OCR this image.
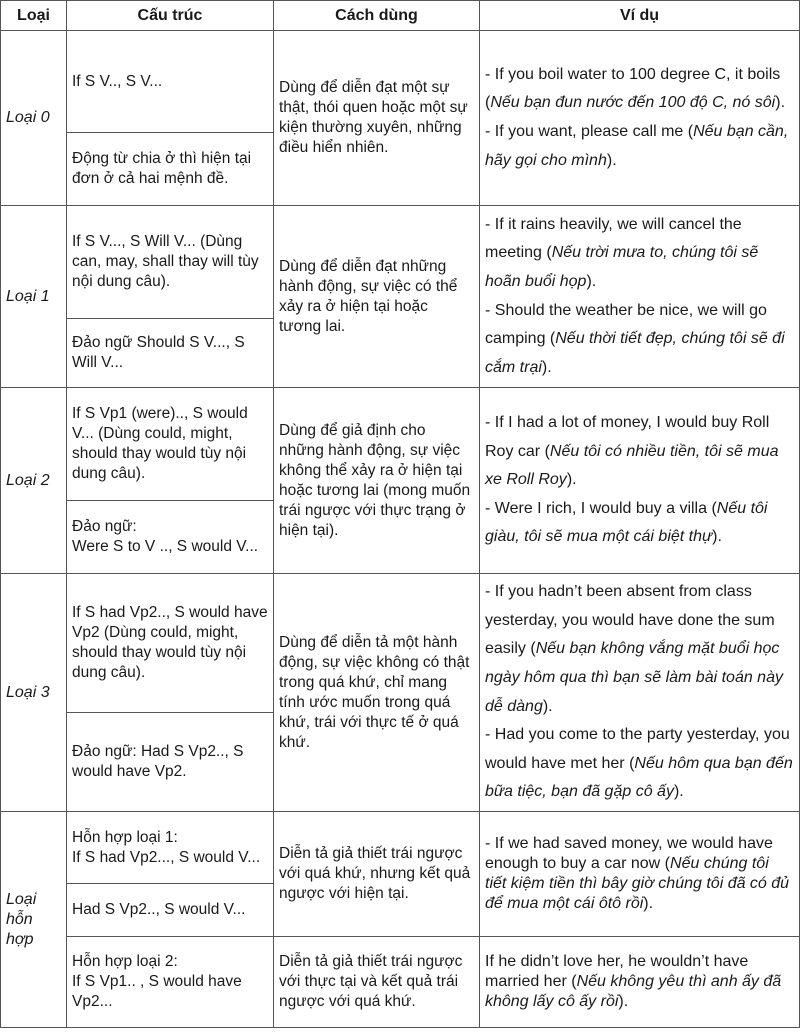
Loại	Cấu trúc	Cách dùng	Ví dụ
Loại 0	If S V.., S V...	Dùng để diễn đạt một sự thật, thói quen hoặc một sự kiện thường xuyên, những điều hiển nhiên.	- If you boil water to 100 degree C, it boils (Nếu bạn đun nước đến 100 độ C, nó sôi).

- If you want, please call me (Nếu bạn cần, hãy gọi cho mình).

	Động từ chia ở thì hiện tại đơn ở cả hai mệnh đề.		
Loại 1	If S V..., S Will V... (Dùng can, may, shall thay will tùy nội dung câu).	Dùng để diễn đạt những hành động, sự việc có thể xảy ra ở hiện tại hoặc tương lai.	- If it rains heavily, we will cancel the meeting (Nếu trời mưa to, chúng tôi sẽ hoãn buổi họp).

- Should the weather be nice, we will go camping (Nếu thời tiết đẹp, chúng tôi sẽ đi cắm trại).

	Đảo ngữ Should S V..., S Will V...		
Loại 2	If S Vp1 (were).., S would V... (Dùng could, might, should thay would tùy nội dung câu).	Dùng để giả định cho những hành động, sự việc không thể xảy ra ở hiện tại hoặc tương lai (mong muốn trái ngược với thực trạng ở hiện tại).	- If I had a lot of money, I would buy Roll Roy car (Nếu tôi có nhiều tiền, tôi sẽ mua xe Roll Roy).

- Were I rich, I would buy a villa (Nếu tôi giàu, tôi sẽ mua một cái biệt thự).

	Đảo ngữ:
Were S to V .., S would V...		
Loại 3	If S had Vp2.., S would have Vp2 (Dùng could, might, should thay would tùy nội dung câu).	Dùng để diễn tả một hành động, sự việc không có thật trong quá khứ, chỉ mang tính ước muốn trong quá khứ, trái với thực tế ở quá khứ.	- If you hadn’t been absent from class yesterday, you would have done the sum easily (Nếu bạn không vắng mặt buổi học ngày hôm qua thì bạn sẽ làm bài toán này dễ dàng).

- Had you come to the party yesterday, you would have met her (Nếu hôm qua bạn đến bữa tiệc, bạn đã gặp cô ấy).

	Đảo ngữ: Had S Vp2.., S would have Vp2.		
Loại
hỗn
hợp	Hỗn hợp loại 1:
If S had Vp2..., S would V...	Diễn tả giả thiết trái ngược với quá khứ, nhưng kết quả ngược với hiện tại.	- If we had saved money, we would have enough to buy a car now (Nếu chúng tôi tiết kiệm tiền thì bây giờ chúng tôi đã có đủ để mua một cái ôtô rồi).

	Had S Vp2.., S would V...		
	Hỗn hợp loại 2:
If S Vp1.. , S would have Vp2...	Diễn tả giả thiết trái ngược với thực tại và kết quả trái ngược với quá khứ.	If he didn’t love her, he wouldn’t have married her (Nếu không yêu thì anh ấy đã không lấy cô ấy rồi).
